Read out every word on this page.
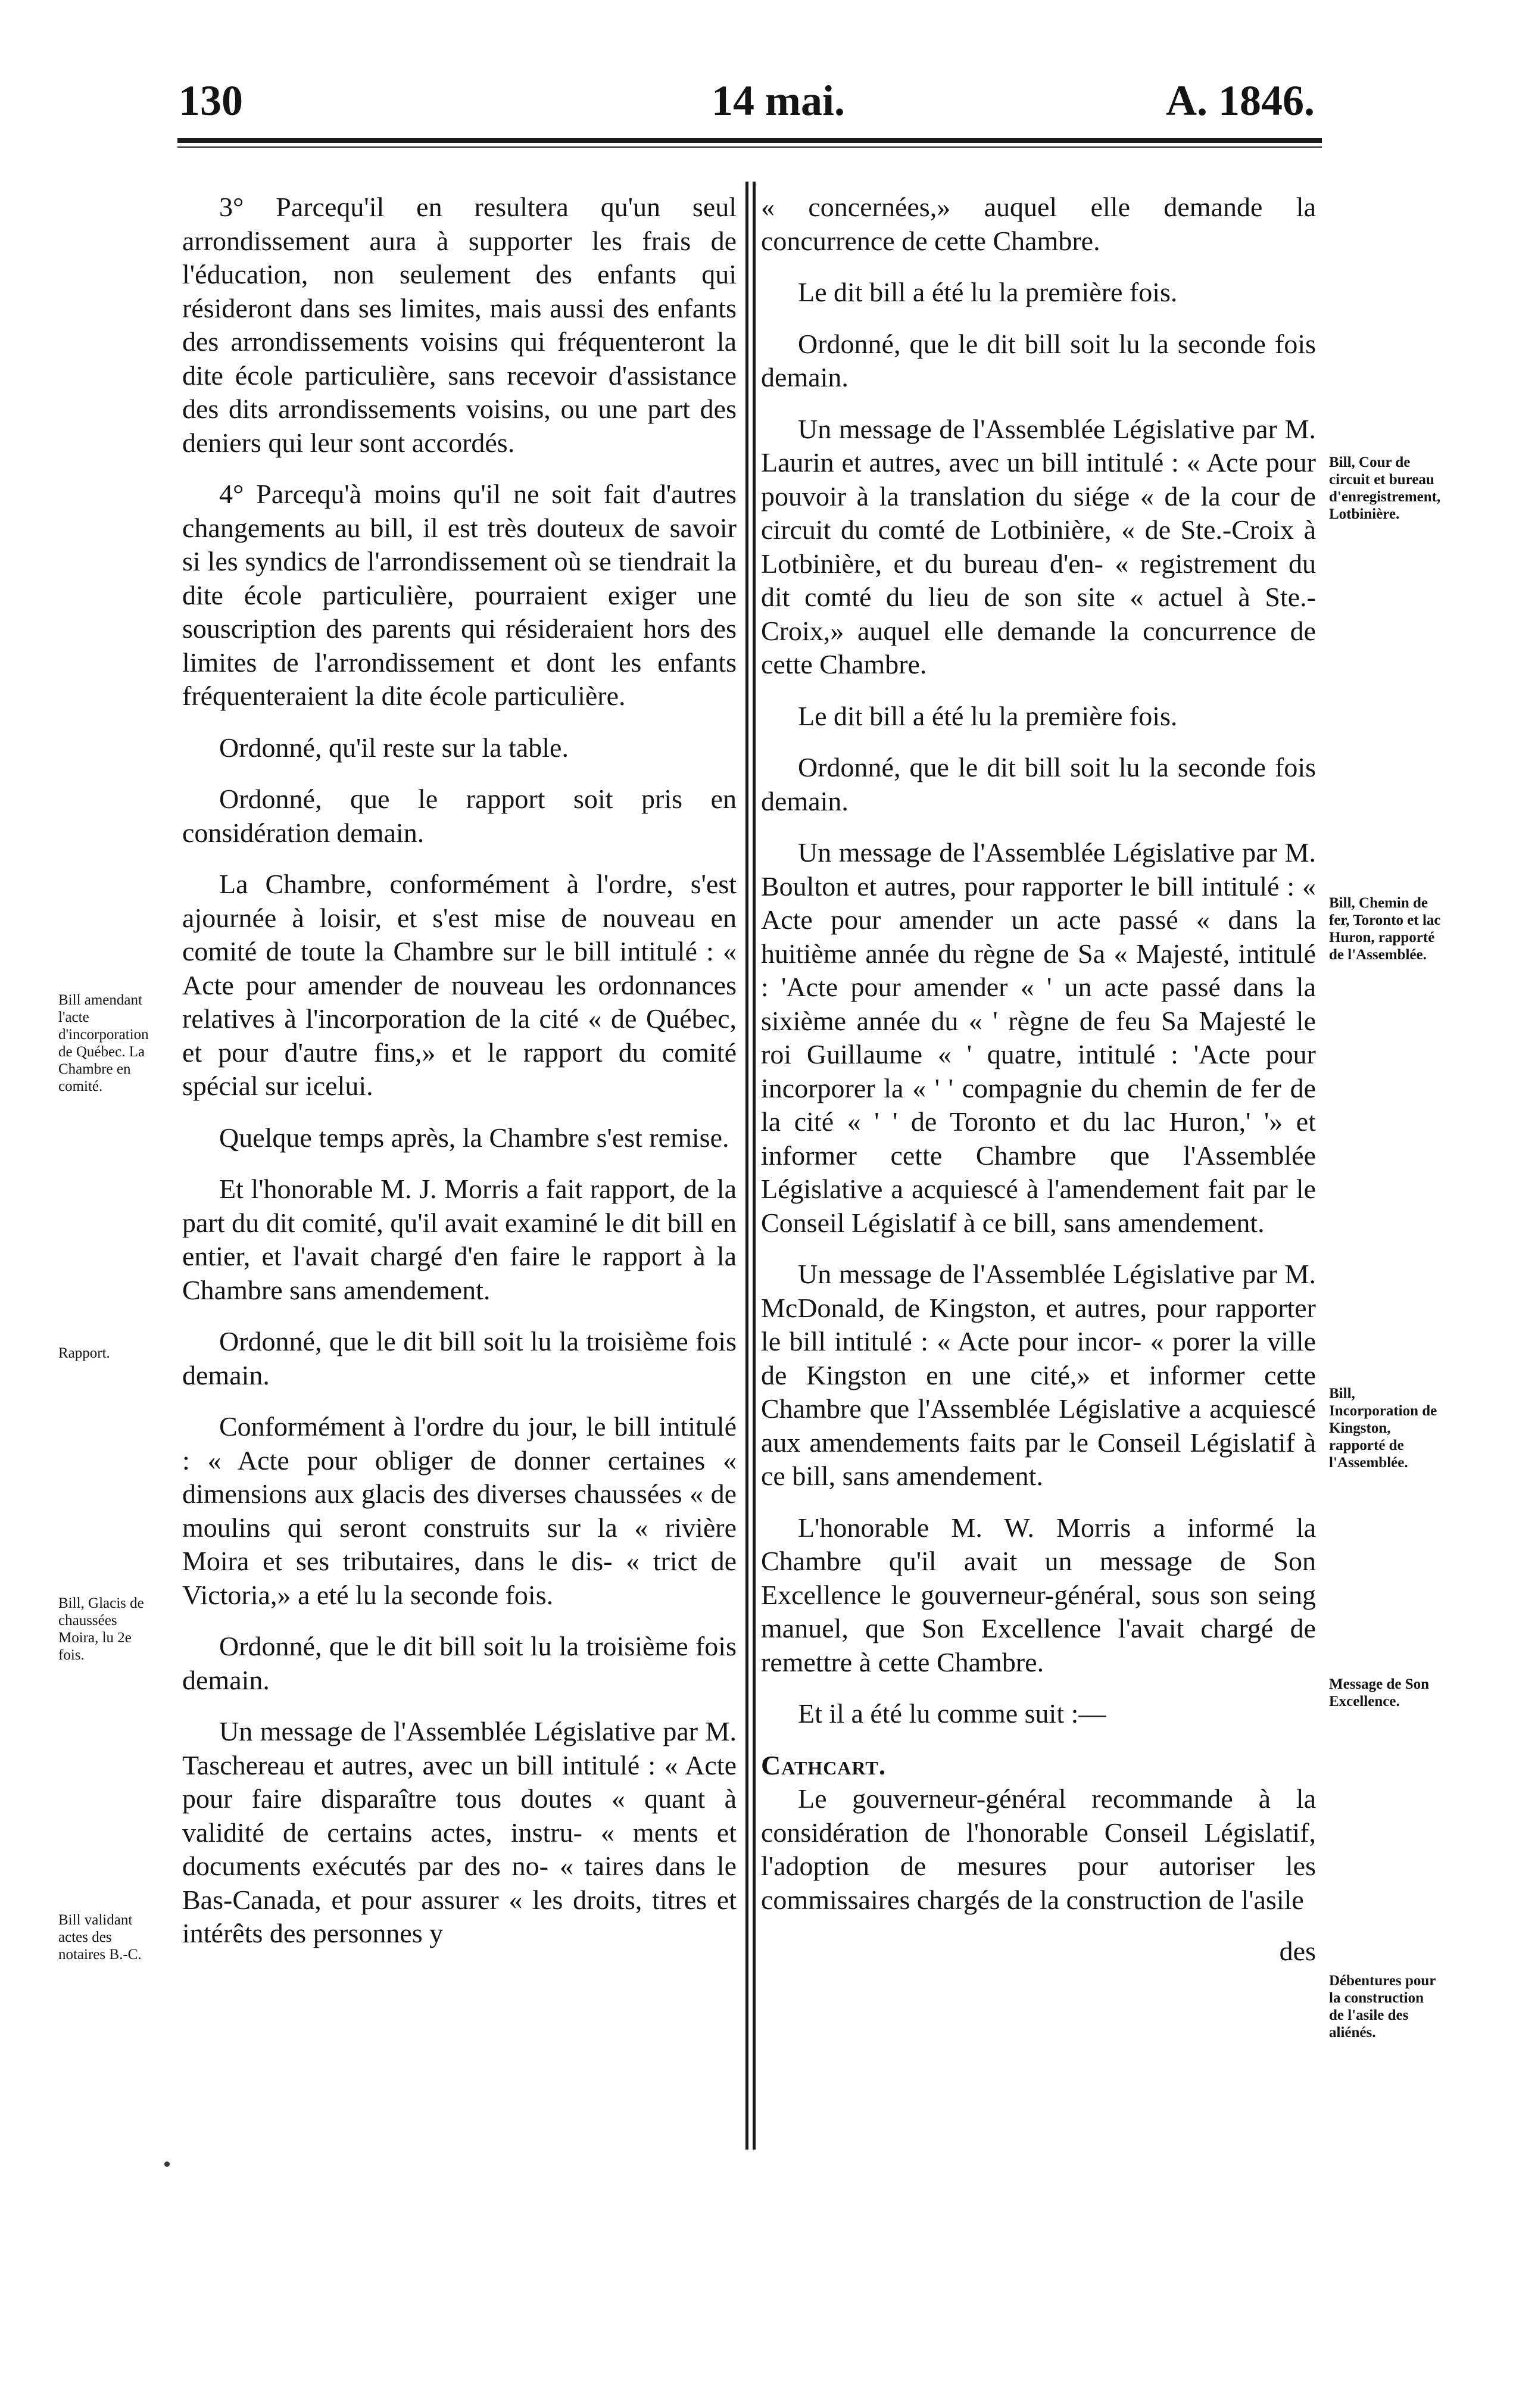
130	14 mai.	A. 1846.

3° Parcequ'il en resultera qu'un seul arrondissement aura à supporter les frais de l'éducation, non seulement des enfants qui résideront dans ses limites, mais aussi des enfants des arrondissements voisins qui fréquenteront la dite école particulière, sans recevoir d'assistance des dits arrondissements voisins, ou une part des deniers qui leur sont accordés.

4° Parcequ'à moins qu'il ne soit fait d'autres changements au bill, il est très douteux de savoir si les syndics de l'arrondissement où se tiendrait la dite école particulière, pourraient exiger une souscription des parents qui résideraient hors des limites de l'arrondissement et dont les enfants fréquenteraient la dite école particulière.

Ordonné, qu'il reste sur la table.

Ordonné, que le rapport soit pris en considération demain.

La Chambre, conformément à l'ordre, s'est ajournée à loisir, et s'est mise de nouveau en comité de toute la Chambre sur le bill intitulé : « Acte pour amender de nouveau les ordonnances relatives à l'incorporation de la cité « de Québec, et pour d'autre fins,» et le rapport du comité spécial sur icelui.

Quelque temps après, la Chambre s'est remise.

Et l'honorable M. J. Morris a fait rapport, de la part du dit comité, qu'il avait examiné le dit bill en entier, et l'avait chargé d'en faire le rapport à la Chambre sans amendement.

Ordonné, que le dit bill soit lu la troisième fois demain.

Conformément à l'ordre du jour, le bill intitulé : « Acte pour obliger de donner certaines « dimensions aux glacis des diverses chaussées « de moulins qui seront construits sur la « rivière Moira et ses tributaires, dans le dis- « trict de Victoria,» a eté lu la seconde fois.

Ordonné, que le dit bill soit lu la troisième fois demain.

Un message de l'Assemblée Législative par M. Taschereau et autres, avec un bill intitulé : « Acte pour faire disparaître tous doutes « quant à validité de certains actes, instru- « ments et documents exécutés par des no- « taires dans le Bas-Canada, et pour assurer « les droits, titres et intérêts des personnes y

« concernées,» auquel elle demande la concurrence de cette Chambre.

Le dit bill a été lu la première fois.

Ordonné, que le dit bill soit lu la seconde fois demain.

Un message de l'Assemblée Législative par M. Laurin et autres, avec un bill intitulé : « Acte pour pouvoir à la translation du siége « de la cour de circuit du comté de Lotbinière, « de Ste.-Croix à Lotbinière, et du bureau d'en- « registrement du dit comté du lieu de son site « actuel à Ste.-Croix,» auquel elle demande la concurrence de cette Chambre.

Le dit bill a été lu la première fois.

Ordonné, que le dit bill soit lu la seconde fois demain.

Un message de l'Assemblée Législative par M. Boulton et autres, pour rapporter le bill intitulé : « Acte pour amender un acte passé « dans la huitième année du règne de Sa « Majesté, intitulé : 'Acte pour amender « ' un acte passé dans la sixième année du « ' règne de feu Sa Majesté le roi Guillaume « ' quatre, intitulé : 'Acte pour incorporer la « ' ' compagnie du chemin de fer de la cité « ' ' de Toronto et du lac Huron,' '» et informer cette Chambre que l'Assemblée Législative a acquiescé à l'amendement fait par le Conseil Législatif à ce bill, sans amendement.

Un message de l'Assemblée Législative par M. McDonald, de Kingston, et autres, pour rapporter le bill intitulé : « Acte pour incor- « porer la ville de Kingston en une cité,» et informer cette Chambre que l'Assemblée Législative a acquiescé aux amendements faits par le Conseil Législatif à ce bill, sans amendement.

L'honorable M. W. Morris a informé la Chambre qu'il avait un message de Son Excellence le gouverneur-général, sous son seing manuel, que Son Excellence l'avait chargé de remettre à cette Chambre.

Et il a été lu comme suit :—

Cathcart.

Le gouverneur-général recommande à la considération de l'honorable Conseil Législatif, l'adoption de mesures pour autoriser les commissaires chargés de la construction de l'asile

des

Bill amendant l'acte d'incorporation de Québec. La Chambre en comité.
Rapport.
Bill, Glacis de chaussées Moira, lu 2e fois.
Bill validant actes des notaires B.-C.
Bill, Cour de circuit et bureau d'enregistrement, Lotbinière.
Bill, Chemin de fer, Toronto et lac Huron, rapporté de l'Assemblée.
Bill, Incorporation de Kingston, rapporté de l'Assemblée.
Message de Son Excellence.
Débentures pour la construction de l'asile des aliénés.
